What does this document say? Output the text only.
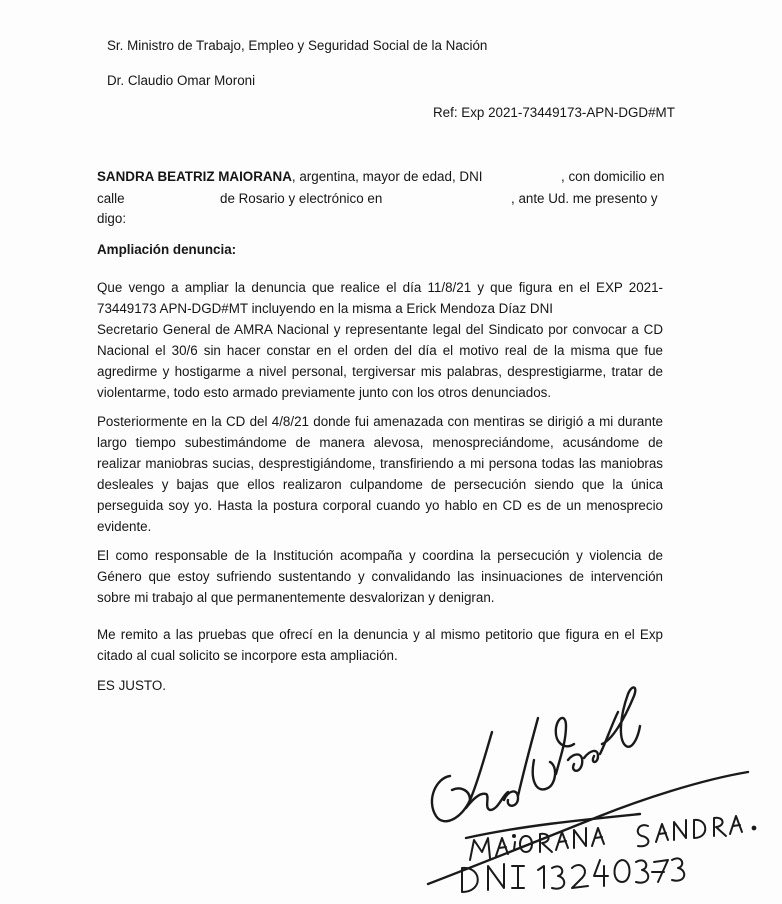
Sr. Ministro de Trabajo, Empleo y Seguridad Social de la Nación
Dr. Claudio Omar Moroni
Ref: Exp 2021-73449173-APN-DGD#MT
SANDRA BEATRIZ MAIORANA, argentina, mayor de edad, DNI	, con domicilio en
calle	de Rosario y electrónico en	, ante Ud. me presento y
digo:
Ampliación denuncia:

Que vengo a ampliar la denuncia que realice el día 11/8/21 y que figura en el EXP 2021-

73449173 APN-DGD#MT incluyendo en la misma a Erick Mendoza Díaz DNI

Secretario General de AMRA Nacional y representante legal del Sindicato por convocar a CD

Nacional el 30/6 sin hacer constar en el orden del día el motivo real de la misma que fue

agredirme y hostigarme a nivel personal, tergiversar mis palabras, desprestigiarme, tratar de

violentarme, todo esto armado previamente junto con los otros denunciados.

Posteriormente en la CD del 4/8/21 donde fui amenazada con mentiras se dirigió a mi durante

largo tiempo subestimándome de manera alevosa, menospreciándome, acusándome de

realizar maniobras sucias, desprestigiándome, transfiriendo a mi persona todas las maniobras

desleales y bajas que ellos realizaron culpandome de persecución siendo que la única

perseguida soy yo. Hasta la postura corporal cuando yo hablo en CD es de un menosprecio

evidente.

El como responsable de la Institución acompaña y coordina la persecución y violencia de

Género que estoy sufriendo sustentando y convalidando las insinuaciones de intervención

sobre mi trabajo al que permanentemente desvalorizan y denigran.

Me remito a las pruebas que ofrecí en la denuncia y al mismo petitorio que figura en el Exp

citado al cual solicito se incorpore esta ampliación.

ES JUSTO.
